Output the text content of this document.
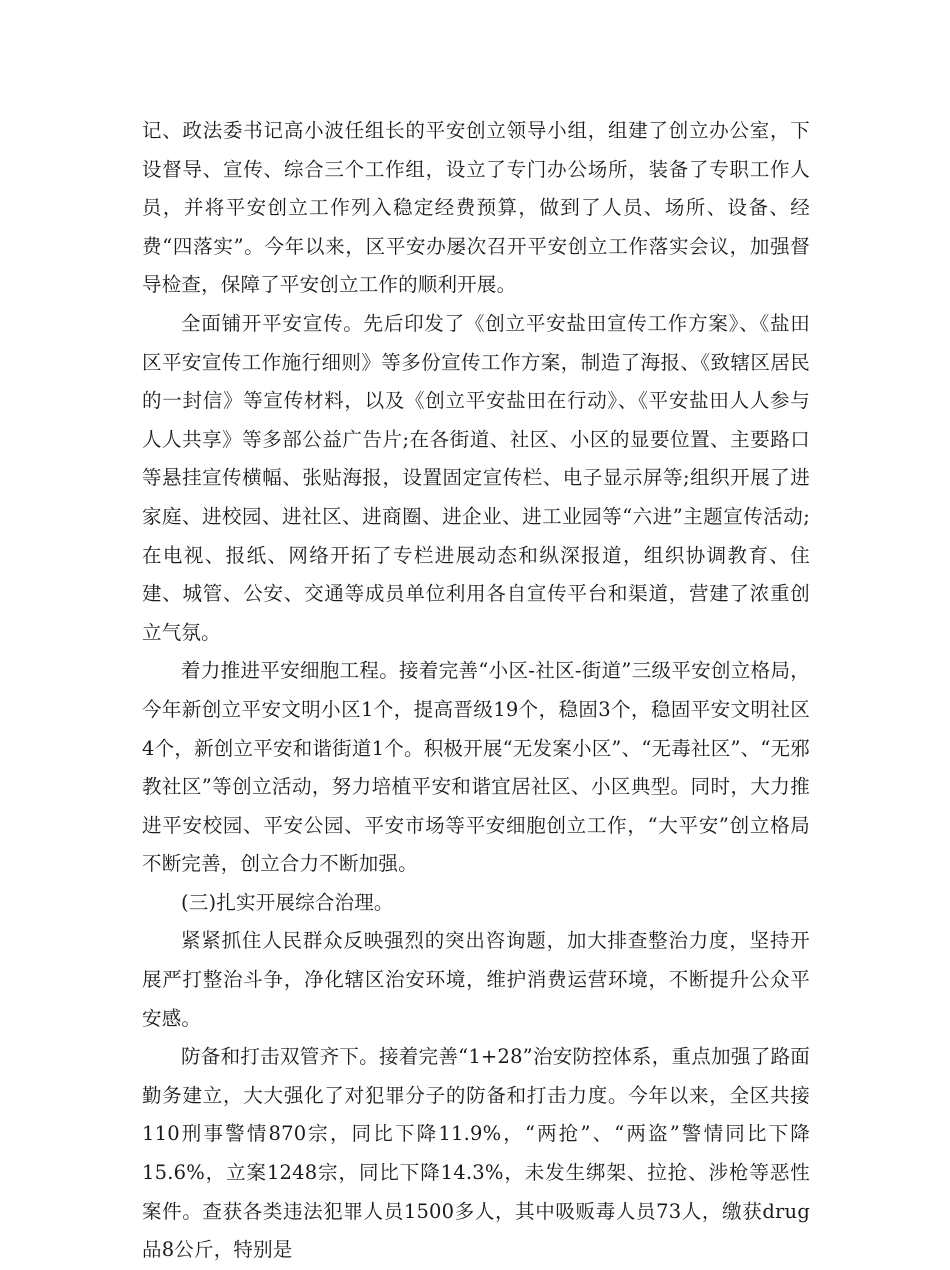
记、政法委书记高小波任组长的平安创立领导小组，组建了创立办公室，下设督导、宣传、综合三个工作组，设立了专门办公场所，装备了专职工作人员，并将平安创立工作列入稳定经费预算，做到了人员、场所、设备、经费“四落实”。今年以来，区平安办屡次召开平安创立工作落实会议，加强督导检查，保障了平安创立工作的顺利开展。

全面铺开平安宣传。先后印发了《创立平安盐田宣传工作方案》、《盐田区平安宣传工作施行细则》等多份宣传工作方案，制造了海报、《致辖区居民的一封信》等宣传材料，以及《创立平安盐田在行动》、《平安盐田人人参与人人共享》等多部公益广告片;在各街道、社区、小区的显要位置、主要路口等悬挂宣传横幅、张贴海报，设置固定宣传栏、电子显示屏等;组织开展了进家庭、进校园、进社区、进商圈、进企业、进工业园等“六进”主题宣传活动;在电视、报纸、网络开拓了专栏进展动态和纵深报道，组织协调教育、住建、城管、公安、交通等成员单位利用各自宣传平台和渠道，营建了浓重创立气氛。

着力推进平安细胞工程。接着完善“小区-社区-街道”三级平安创立格局，今年新创立平安文明小区1个，提高晋级19个，稳固3个，稳固平安文明社区4个，新创立平安和谐街道1个。积极开展“无发案小区”、“无毒社区”、“无邪教社区”等创立活动，努力培植平安和谐宜居社区、小区典型。同时，大力推进平安校园、平安公园、平安市场等平安细胞创立工作，“大平安”创立格局不断完善，创立合力不断加强。

(三)扎实开展综合治理。

紧紧抓住人民群众反映强烈的突出咨询题，加大排查整治力度，坚持开展严打整治斗争，净化辖区治安环境，维护消费运营环境，不断提升公众平安感。

防备和打击双管齐下。接着完善“1+28”治安防控体系，重点加强了路面勤务建立，大大强化了对犯罪分子的防备和打击力度。今年以来，全区共接110刑事警情870宗，同比下降11.9%，“两抢”、“两盗”警情同比下降15.6%，立案1248宗，同比下降14.3%，未发生绑架、拉抢、涉枪等恶性案件。查获各类违法犯罪人员1500多人，其中吸贩毒人员73人，缴获drug品8公斤，特别是
